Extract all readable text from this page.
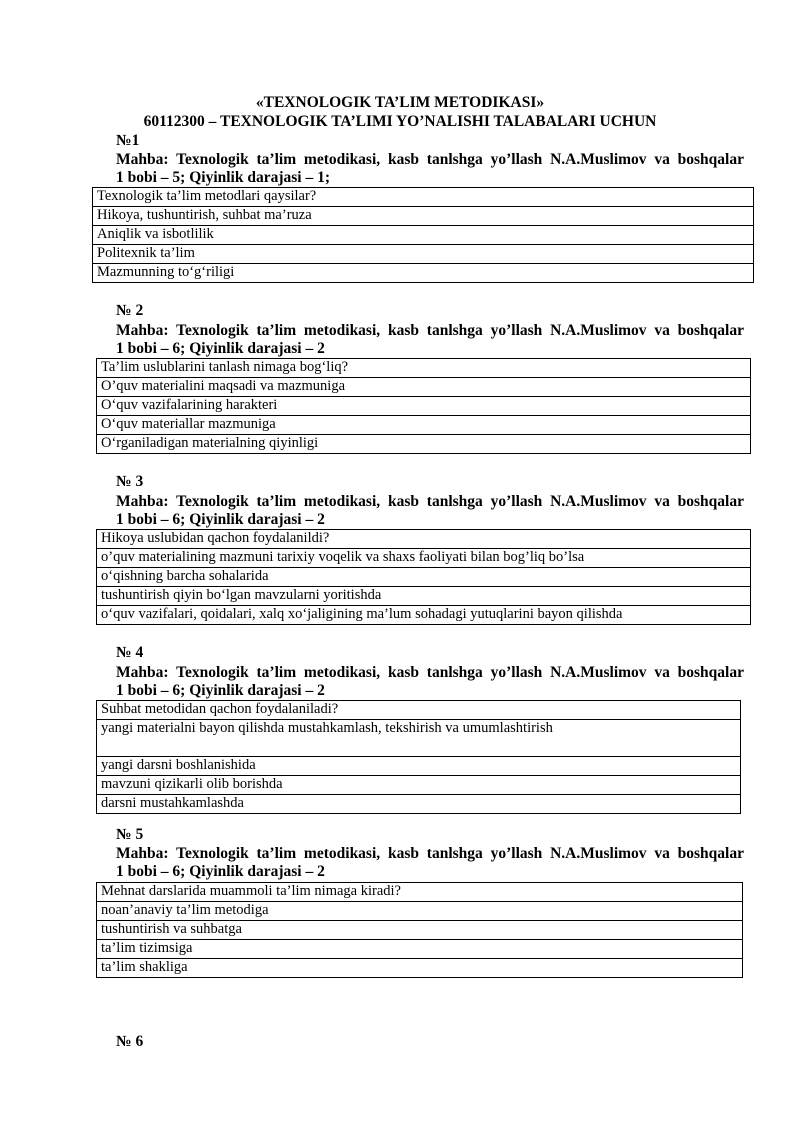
«TEXNOLOGIK TA’LIM METODIKASI»
60112300 – TEXNOLOGIK TA’LIMI YO’NALISHI TALABALARI UCHUN
№1
Mahba: Texnologik ta’lim metodikasi, kasb tanlshga yo’llash N.A.Muslimov va boshqalar
1 bobi – 5; Qiyinlik darajasi – 1;
Texnologik ta’lim metodlari qaysilar?
Hikoya, tushuntirish, suhbat ma’ruza
Aniqlik va isbotlilik
Politexnik ta’lim
Mazmunning to‘g‘riligi
№ 2
Mahba: Texnologik ta’lim metodikasi, kasb tanlshga yo’llash N.A.Muslimov va boshqalar
1 bobi – 6; Qiyinlik darajasi – 2
Ta’lim uslublarini tanlash nimaga bog‘liq?
O’quv materialini maqsadi va mazmuniga
O‘quv vazifalarining harakteri
O‘quv materiallar mazmuniga
O‘rganiladigan materialning qiyinligi
№ 3
Mahba: Texnologik ta’lim metodikasi, kasb tanlshga yo’llash N.A.Muslimov va boshqalar
1 bobi – 6; Qiyinlik darajasi – 2
Hikoya uslubidan qachon foydalanildi?
o’quv materialining mazmuni tarixiy voqelik va shaxs faoliyati bilan bog’liq bo’lsa
o‘qishning barcha sohalarida
tushuntirish qiyin bo‘lgan mavzularni yoritishda
o‘quv vazifalari, qoidalari, xalq xo‘jaligining ma’lum sohadagi yutuqlarini bayon qilishda
№ 4
Mahba: Texnologik ta’lim metodikasi, kasb tanlshga yo’llash N.A.Muslimov va boshqalar
1 bobi – 6; Qiyinlik darajasi – 2
Suhbat metodidan qachon foydalaniladi?
yangi materialni bayon qilishda mustahkamlash, tekshirish va umumlashtirish
yangi darsni boshlanishida
mavzuni qizikarli olib borishda
darsni mustahkamlashda
№ 5
Mahba: Texnologik ta’lim metodikasi, kasb tanlshga yo’llash N.A.Muslimov va boshqalar
1 bobi – 6; Qiyinlik darajasi – 2
Mehnat darslarida muammoli ta’lim nimaga kiradi?
noan’anaviy ta’lim metodiga
tushuntirish va suhbatga
ta’lim tizimsiga
ta’lim shakliga
№ 6
